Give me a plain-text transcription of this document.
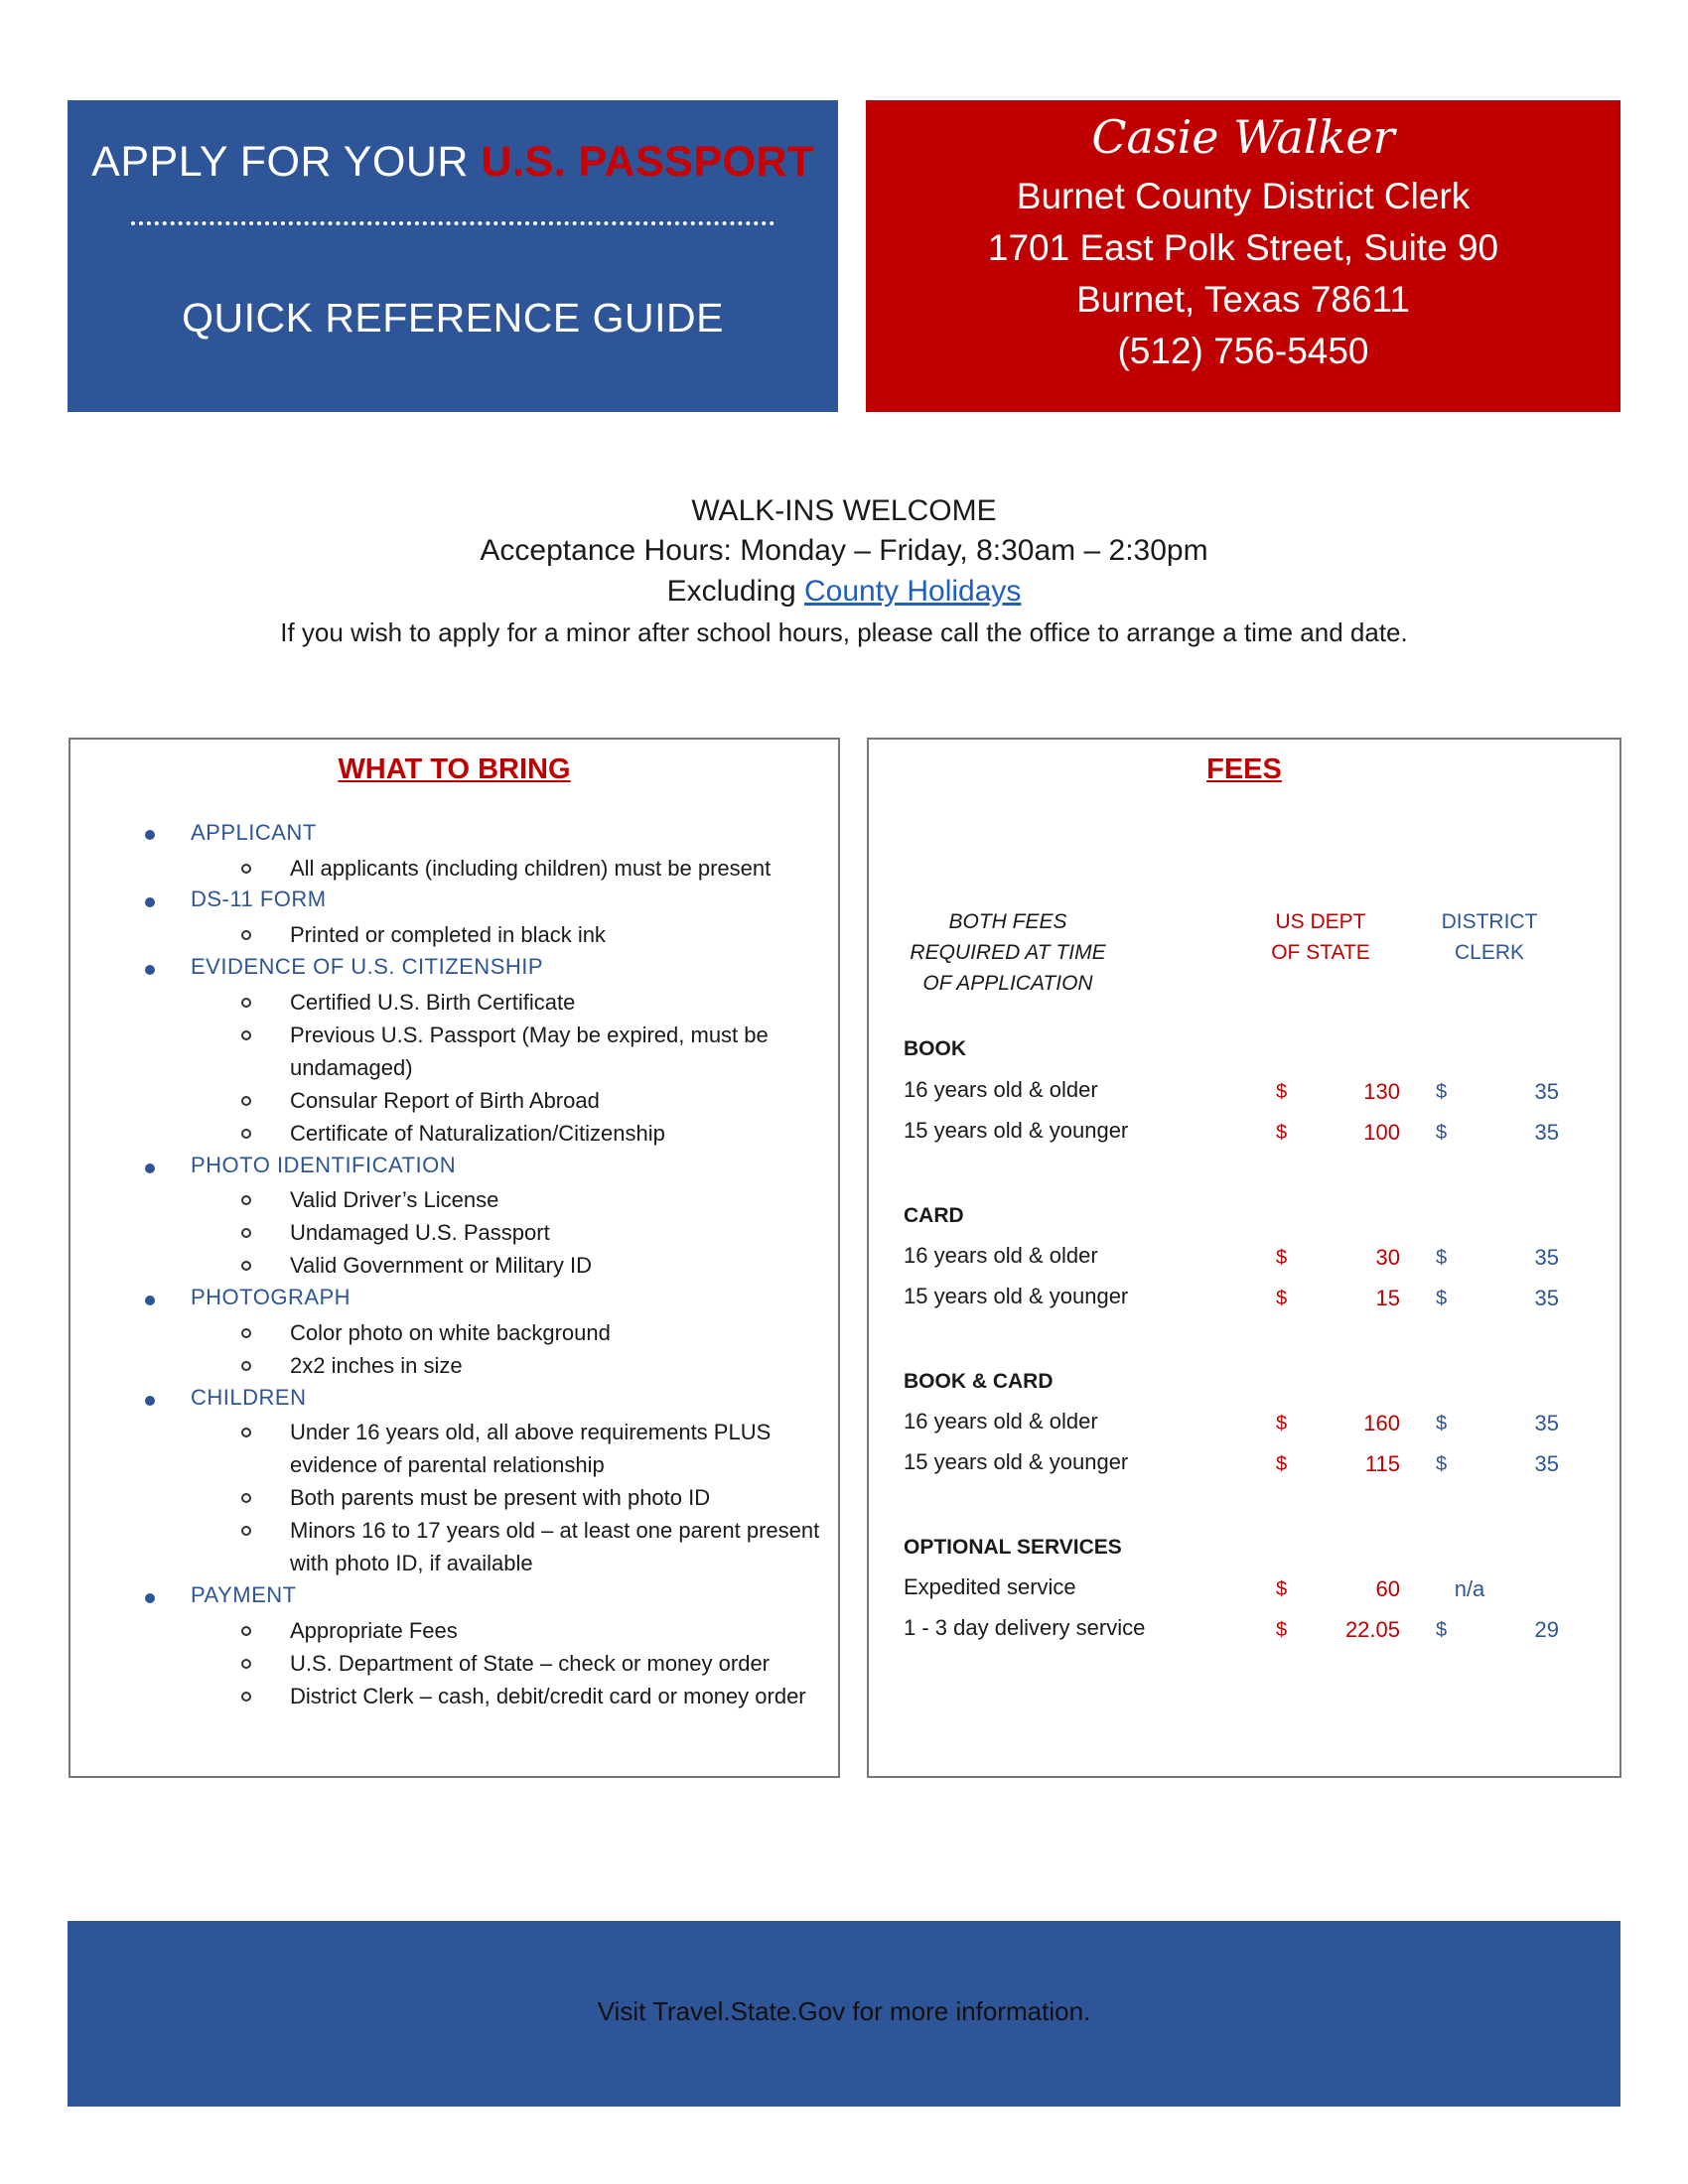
APPLY FOR YOUR U.S. PASSPORT
QUICK REFERENCE GUIDE
Casie Walker
Burnet County District Clerk
1701 East Polk Street, Suite 90
Burnet, Texas 78611
(512) 756-5450
WALK-INS WELCOME
Acceptance Hours: Monday – Friday, 8:30am – 2:30pm
Excluding County Holidays
If you wish to apply for a minor after school hours, please call the office to arrange a time and date.
WHAT TO BRING
APPLICANT
All applicants (including children) must be present
DS-11 FORM
Printed or completed in black ink
EVIDENCE OF U.S. CITIZENSHIP
Certified U.S. Birth Certificate
Previous U.S. Passport (May be expired, must be undamaged)
Consular Report of Birth Abroad
Certificate of Naturalization/Citizenship
PHOTO IDENTIFICATION
Valid Driver’s License
Undamaged U.S. Passport
Valid Government or Military ID
PHOTOGRAPH
Color photo on white background
2x2 inches in size
CHILDREN
Under 16 years old, all above requirements PLUS evidence of parental relationship
Both parents must be present with photo ID
Minors 16 to 17 years old – at least one parent present with photo ID, if available
PAYMENT
Appropriate Fees
U.S. Department of State – check or money order
District Clerk – cash, debit/credit card or money order
FEES
BOTH FEES REQUIRED AT TIME
OF APPLICATION
US DEPT
OF STATE
DISTRICT
CLERK
BOOK
16 years old & older	$	130 $	35
15 years old & younger	$	100 $	35
CARD
16 years old & older	$	30 $	35
15 years old & younger	$	15 $	35
BOOK & CARD
16 years old & older	$	160 $	35
15 years old & younger	$	115 $	35
OPTIONAL SERVICES
Expedited service	$	60	n/a
1 - 3 day delivery service	$	22.05 $	29
Visit Travel.State.Gov for more information.
